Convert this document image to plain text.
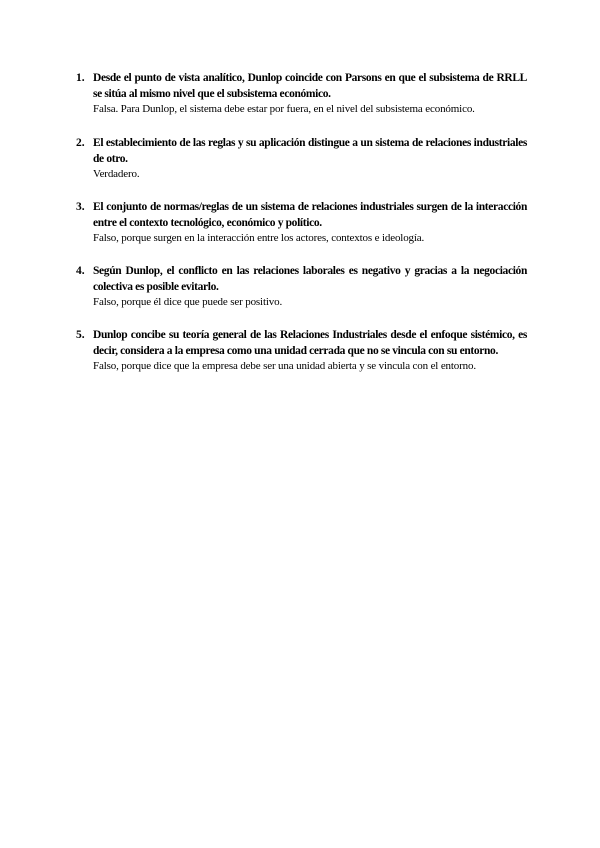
1. Desde el punto de vista analítico, Dunlop coincide con Parsons en que el subsistema de RRLL se sitúa al mismo nivel que el subsistema económico.
Falsa. Para Dunlop, el sistema debe estar por fuera, en el nivel del subsistema económico.
2. El establecimiento de las reglas y su aplicación distingue a un sistema de relaciones industriales de otro.
Verdadero.
3. El conjunto de normas/reglas de un sistema de relaciones industriales surgen de la interacción entre el contexto tecnológico, económico y político.
Falso, porque surgen en la interacción entre los actores, contextos e ideología.
4. Según Dunlop, el conflicto en las relaciones laborales es negativo y gracias a la negociación colectiva es posible evitarlo.
Falso, porque él dice que puede ser positivo.
5. Dunlop concibe su teoría general de las Relaciones Industriales desde el enfoque sistémico, es decir, considera a la empresa como una unidad cerrada que no se vincula con su entorno.
Falso, porque dice que la empresa debe ser una unidad abierta y se vincula con el entorno.
